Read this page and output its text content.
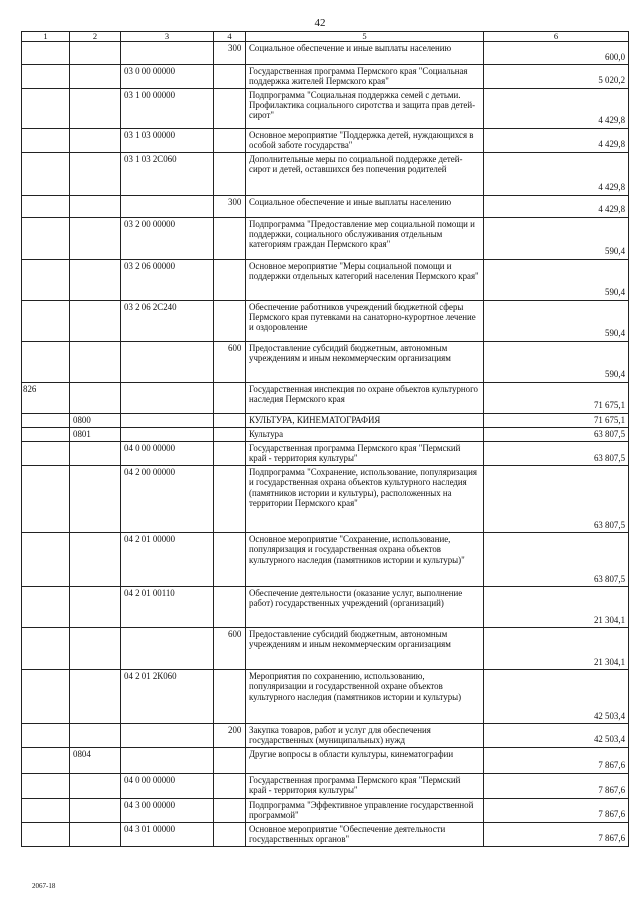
42
1	2	3	4	5	6
			300	Социальное обеспечение и иные выплаты населению	600,0
		03 0 00 00000		Государственная программа Пермского края "Социальная поддержка жителей Пермского края"	5 020,2
		03 1 00 00000		Подпрограмма "Социальная поддержка семей с детьми. Профилактика социального сиротства и защита прав детей-сирот"	4 429,8
		03 1 03 00000		Основное мероприятие "Поддержка детей, нуждающихся в особой заботе государства"	4 429,8
		03 1 03 2С060		Дополнительные меры по социальной поддержке детей-сирот и детей, оставшихся без попечения родителей	4 429,8
			300	Социальное обеспечение и иные выплаты населению	4 429,8
		03 2 00 00000		Подпрограмма "Предоставление мер социальной помощи и поддержки, социального обслуживания отдельным категориям граждан Пермского края"	590,4
		03 2 06 00000		Основное мероприятие "Меры социальной помощи и поддержки отдельных категорий населения Пермского края"	590,4
		03 2 06 2С240		Обеспечение работников учреждений бюджетной сферы Пермского края путевками на санаторно-курортное лечение и оздоровление	590,4
			600	Предоставление субсидий бюджетным, автономным учреждениям и иным некоммерческим организациям	590,4
826				Государственная инспекция по охране объектов культурного наследия Пермского края	71 675,1
	0800			КУЛЬТУРА, КИНЕМАТОГРАФИЯ	71 675,1
	0801			Культура	63 807,5
		04 0 00 00000		Государственная программа Пермского края "Пермский край - территория культуры"	63 807,5
		04 2 00 00000		Подпрограмма "Сохранение, использование, популяризация и государственная охрана объектов культурного наследия (памятников истории и культуры), расположенных на территории Пермского края"	63 807,5
		04 2 01 00000		Основное мероприятие "Сохранение, использование, популяризация и государственная охрана объектов культурного наследия (памятников истории и культуры)"	63 807,5
		04 2 01 00110		Обеспечение деятельности (оказание услуг, выполнение работ) государственных учреждений (организаций)	21 304,1
			600	Предоставление субсидий бюджетным, автономным учреждениям и иным некоммерческим организациям	21 304,1
		04 2 01 2К060		Мероприятия по сохранению, использованию, популяризации и государственной охране объектов культурного наследия (памятников истории и культуры)	42 503,4
			200	Закупка товаров, работ и услуг для обеспечения государственных (муниципальных) нужд	42 503,4
	0804			Другие вопросы в области культуры, кинематографии	7 867,6
		04 0 00 00000		Государственная программа Пермского края "Пермский край - территория культуры"	7 867,6
		04 3 00 00000		Подпрограмма "Эффективное управление государственной программой"	7 867,6
		04 3 01 00000		Основное мероприятие "Обеспечение деятельности государственных органов"	7 867,6
2067-18
